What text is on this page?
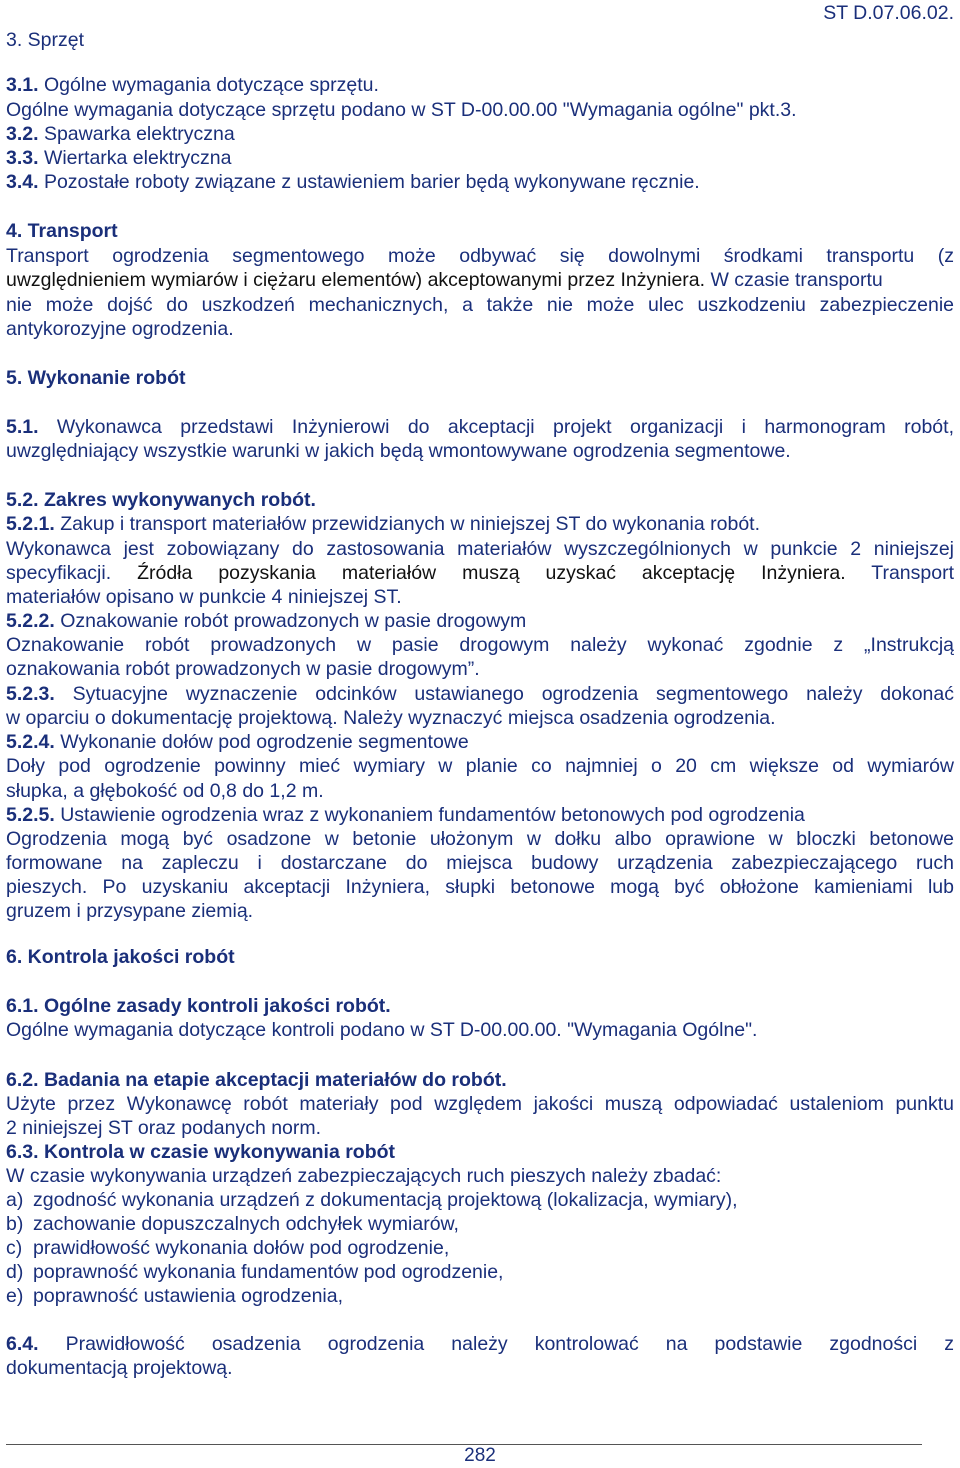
ST D.07.06.02.
3. Sprzęt
3.1. Ogólne wymagania dotyczące sprzętu.
Ogólne wymagania dotyczące sprzętu podano w ST D-00.00.00 "Wymagania ogólne" pkt.3.
3.2. Spawarka elektryczna
3.3. Wiertarka elektryczna
3.4. Pozostałe roboty związane z ustawieniem barier będą wykonywane ręcznie.
4. Transport
Transport ogrodzenia segmentowego może odbywać się dowolnymi środkami transportu (z
uwzględnieniem wymiarów i ciężaru elementów) akceptowanymi przez Inżyniera. W czasie transportu
nie może dojść do uszkodzeń mechanicznych, a także nie może ulec uszkodzeniu zabezpieczenie
antykorozyjne ogrodzenia.
5. Wykonanie robót
5.1. Wykonawca przedstawi Inżynierowi do akceptacji projekt organizacji i harmonogram robót,
uwzględniający wszystkie warunki w jakich będą wmontowywane ogrodzenia segmentowe.
5.2. Zakres wykonywanych robót.
5.2.1. Zakup i transport materiałów przewidzianych w niniejszej ST do wykonania robót.
Wykonawca jest zobowiązany do zastosowania materiałów wyszczególnionych w punkcie 2 niniejszej
specyfikacji. Źródła pozyskania materiałów muszą uzyskać akceptację Inżyniera. Transport
materiałów opisano w punkcie 4 niniejszej ST.
5.2.2. Oznakowanie robót prowadzonych w pasie drogowym
Oznakowanie robót prowadzonych w pasie drogowym należy wykonać zgodnie z „Instrukcją
oznakowania robót prowadzonych w pasie drogowym”.
5.2.3. Sytuacyjne wyznaczenie odcinków ustawianego ogrodzenia segmentowego należy dokonać
w oparciu o dokumentację projektową. Należy wyznaczyć miejsca osadzenia ogrodzenia.
5.2.4. Wykonanie dołów pod ogrodzenie segmentowe
Doły pod ogrodzenie powinny mieć wymiary w planie co najmniej o 20 cm większe od wymiarów
słupka, a głębokość od 0,8 do 1,2 m.
5.2.5. Ustawienie ogrodzenia wraz z wykonaniem fundamentów betonowych pod ogrodzenia
Ogrodzenia mogą być osadzone w betonie ułożonym w dołku albo oprawione w bloczki betonowe
formowane na zapleczu i dostarczane do miejsca budowy urządzenia zabezpieczającego ruch
pieszych. Po uzyskaniu akceptacji Inżyniera, słupki betonowe mogą być obłożone kamieniami lub
gruzem i przysypane ziemią.
6. Kontrola jakości robót
6.1. Ogólne zasady kontroli jakości robót.
Ogólne wymagania dotyczące kontroli podano w ST D-00.00.00. "Wymagania Ogólne".
6.2. Badania na etapie akceptacji materiałów do robót.
Użyte przez Wykonawcę robót materiały pod względem jakości muszą odpowiadać ustaleniom punktu
2 niniejszej ST oraz podanych norm.
6.3. Kontrola w czasie wykonywania robót
W czasie wykonywania urządzeń zabezpieczających ruch pieszych należy zbadać:
a) zgodność wykonania urządzeń z dokumentacją projektową (lokalizacja, wymiary),
b) zachowanie dopuszczalnych odchyłek wymiarów,
c) prawidłowość wykonania dołów pod ogrodzenie,
d) poprawność wykonania fundamentów pod ogrodzenie,
e) poprawność ustawienia ogrodzenia,
6.4. Prawidłowość osadzenia ogrodzenia należy kontrolować na podstawie zgodności z
dokumentacją projektową.
282
